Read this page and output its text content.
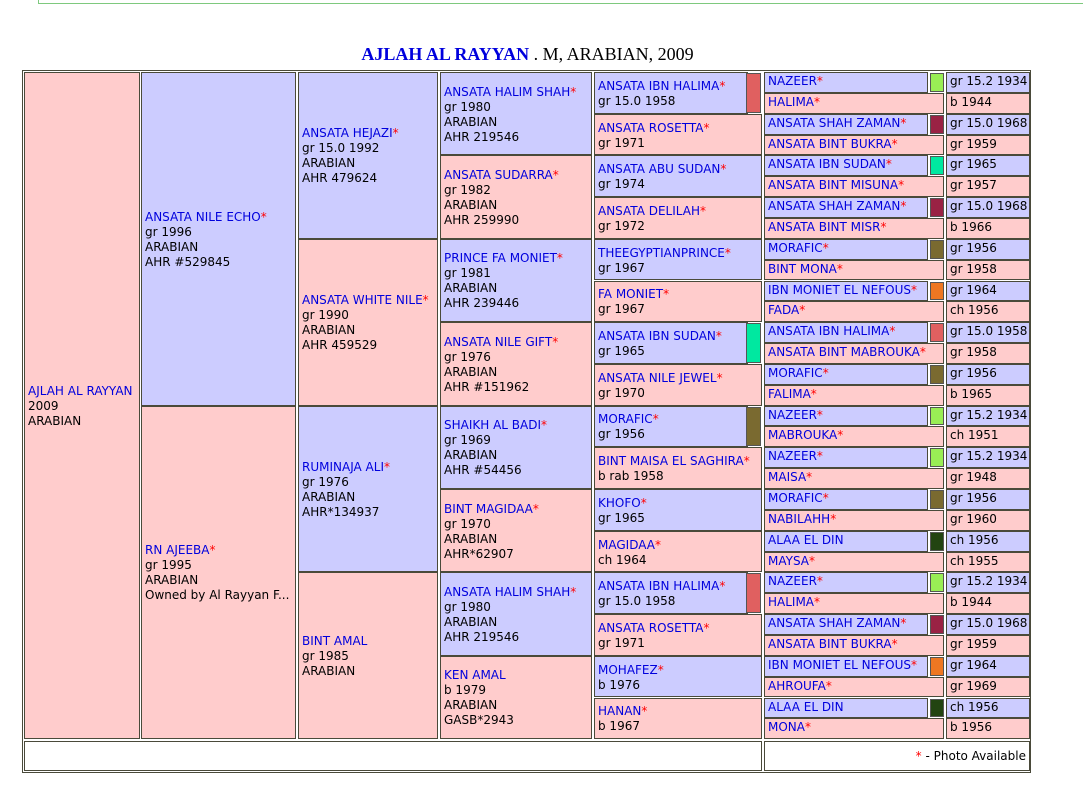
AJLAH AL RAYYAN . M, ARABIAN, 2009
AJLAH AL RAYYAN
2009
ARABIAN
ANSATA NILE ECHO*
gr 1996
ARABIAN
AHR #529845
RN AJEEBA*
gr 1995
ARABIAN
Owned by Al Rayyan F...
ANSATA HEJAZI*
gr 15.0 1992
ARABIAN
AHR 479624
ANSATA WHITE NILE*
gr 1990
ARABIAN
AHR 459529
RUMINAJA ALI*
gr 1976
ARABIAN
AHR*134937
BINT AMAL
gr 1985
ARABIAN
ANSATA HALIM SHAH*
gr 1980
ARABIAN
AHR 219546
ANSATA SUDARRA*
gr 1982
ARABIAN
AHR 259990
PRINCE FA MONIET*
gr 1981
ARABIAN
AHR 239446
ANSATA NILE GIFT*
gr 1976
ARABIAN
AHR #151962
SHAIKH AL BADI*
gr 1969
ARABIAN
AHR #54456
BINT MAGIDAA*
gr 1970
ARABIAN
AHR*62907
ANSATA HALIM SHAH*
gr 1980
ARABIAN
AHR 219546
KEN AMAL
b 1979
ARABIAN
GASB*2943
ANSATA IBN HALIMA*
gr 15.0 1958
ANSATA ROSETTA*
gr 1971
ANSATA ABU SUDAN*
gr 1974
ANSATA DELILAH*
gr 1972
THEEGYPTIANPRINCE*
gr 1967
FA MONIET*
gr 1967
ANSATA IBN SUDAN*
gr 1965
ANSATA NILE JEWEL*
gr 1970
MORAFIC*
gr 1956
BINT MAISA EL SAGHIRA*
b rab 1958
KHOFO*
gr 1965
MAGIDAA*
ch 1964
ANSATA IBN HALIMA*
gr 15.0 1958
ANSATA ROSETTA*
gr 1971
MOHAFEZ*
b 1976
HANAN*
b 1967
NAZEER*	gr 15.2 1934
HALIMA*	b 1944
ANSATA SHAH ZAMAN*	gr 15.0 1968
ANSATA BINT BUKRA*	gr 1959
ANSATA IBN SUDAN*	gr 1965
ANSATA BINT MISUNA*	gr 1957
ANSATA SHAH ZAMAN*	gr 15.0 1968
ANSATA BINT MISR*	b 1966
MORAFIC*	gr 1956
BINT MONA*	gr 1958
IBN MONIET EL NEFOUS*	gr 1964
FADA*	ch 1956
ANSATA IBN HALIMA*	gr 15.0 1958
ANSATA BINT MABROUKA*	gr 1958
MORAFIC*	gr 1956
FALIMA*	b 1965
NAZEER*	gr 15.2 1934
MABROUKA*	ch 1951
NAZEER*	gr 15.2 1934
MAISA*	gr 1948
MORAFIC*	gr 1956
NABILAHH*	gr 1960
ALAA EL DIN	ch 1956
MAYSA*	ch 1955
NAZEER*	gr 15.2 1934
HALIMA*	b 1944
ANSATA SHAH ZAMAN*	gr 15.0 1968
ANSATA BINT BUKRA*	gr 1959
IBN MONIET EL NEFOUS*	gr 1964
AHROUFA*	gr 1969
ALAA EL DIN	ch 1956
MONA*	b 1956
* - Photo Available
